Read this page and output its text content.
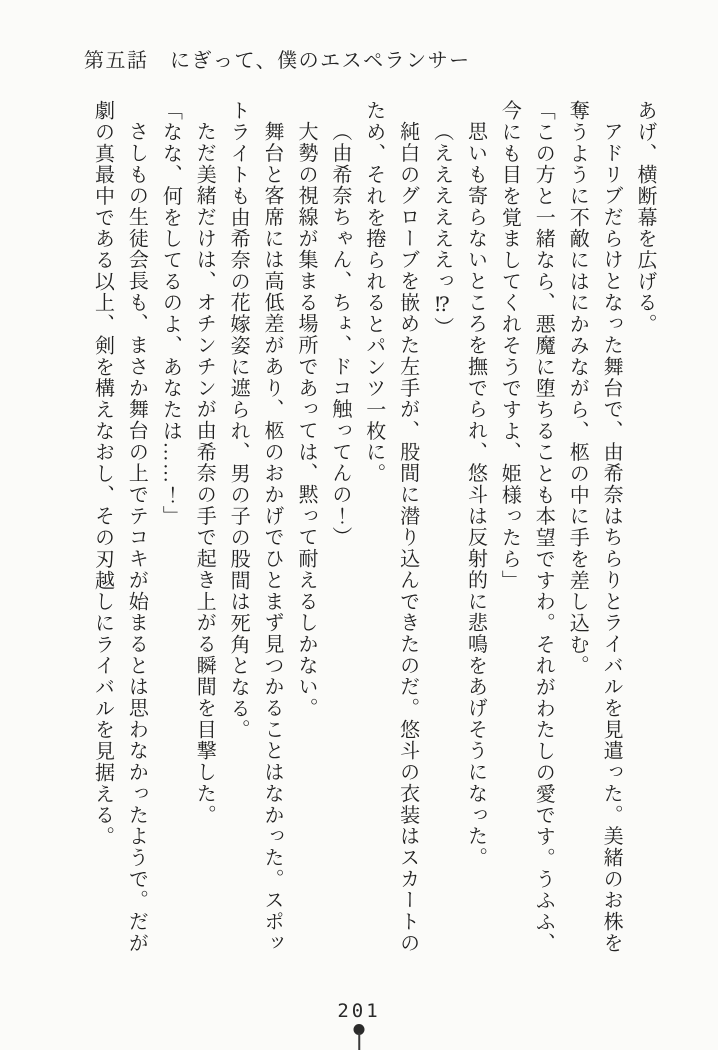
第五話　にぎって、僕のエスペランサー

あげ、横断幕を広げる。

アドリブだらけとなった舞台で、由希奈はちらりとライバルを見遣った。美緒のお株を

奪うように不敵にはにかみながら、柩の中に手を差し込む。

「この方と一緒なら、悪魔に堕ちることも本望ですわ。それがわたしの愛です。うふふ、

今にも目を覚ましてくれそうですよ、姫様ったら」

思いも寄らないところを撫でられ、悠斗は反射的に悲鳴をあげそうになった。

（ええええええっ⁉）

純白のグローブを嵌めた左手が、股間に潜り込んできたのだ。悠斗の衣装はスカートの

ため、それを捲られるとパンツ一枚に。

（由希奈ちゃん、ちょ、ドコ触ってんの！）

大勢の視線が集まる場所であっては、黙って耐えるしかない。

舞台と客席には高低差があり、柩のおかげでひとまず見つかることはなかった。スポッ

トライトも由希奈の花嫁姿に遮られ、男の子の股間は死角となる。

ただ美緒だけは、オチンチンが由希奈の手で起き上がる瞬間を目撃した。

「なな、何をしてるのよ、あなたは……！」

さしもの生徒会長も、まさか舞台の上でテコキが始まるとは思わなかったようで。だが

劇の真最中である以上、剣を構えなおし、その刃越しにライバルを見据える。

201
